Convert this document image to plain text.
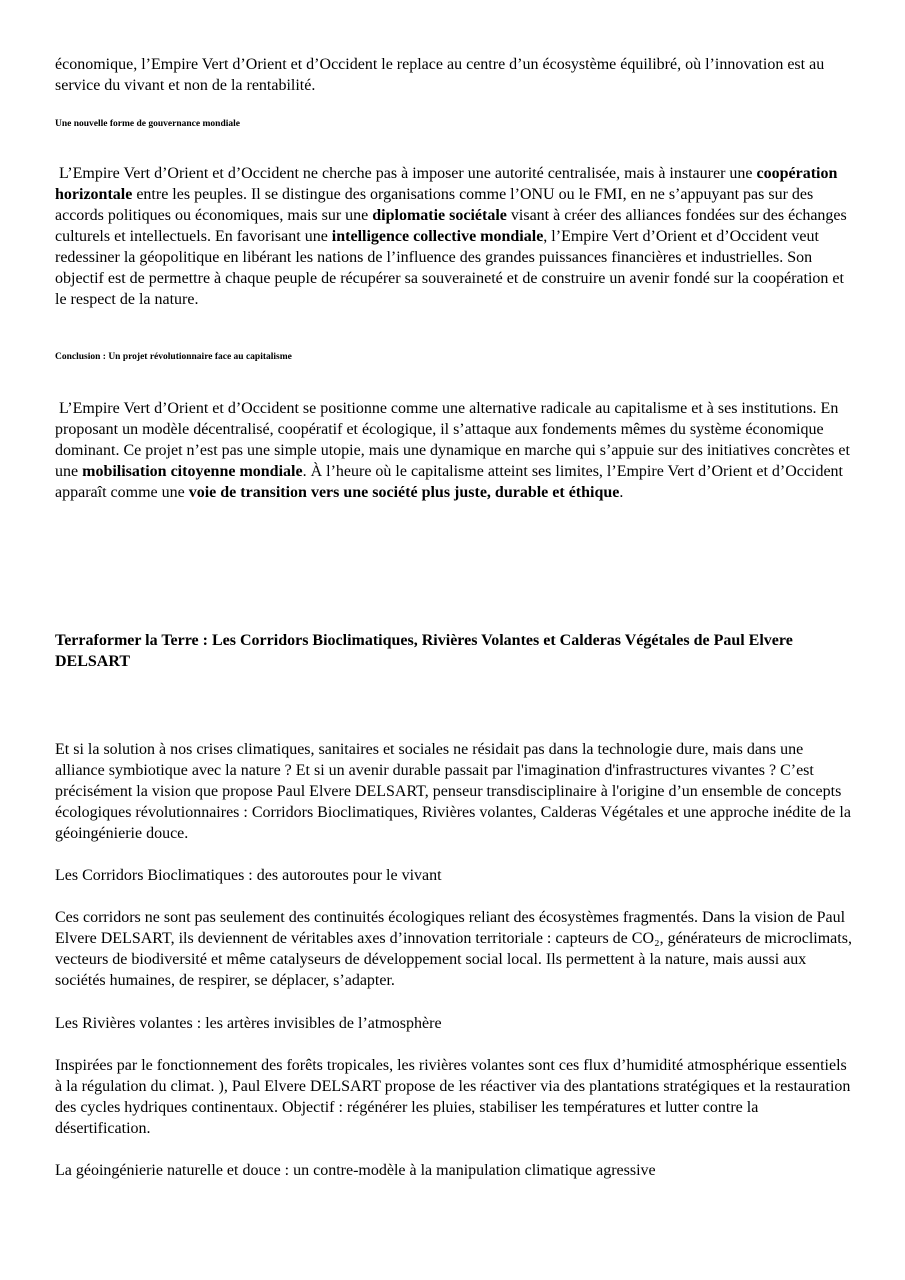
économique, l’Empire Vert d’Orient et d’Occident le replace au centre d’un écosystème équilibré, où l’innovation est au service du vivant et non de la rentabilité.

Une nouvelle forme de gouvernance mondiale

L’Empire Vert d’Orient et d’Occident ne cherche pas à imposer une autorité centralisée, mais à instaurer une coopération horizontale entre les peuples. Il se distingue des organisations comme l’ONU ou le FMI, en ne s’appuyant pas sur des accords politiques ou économiques, mais sur une diplomatie sociétale visant à créer des alliances fondées sur des échanges culturels et intellectuels. En favorisant une intelligence collective mondiale, l’Empire Vert d’Orient et d’Occident veut redessiner la géopolitique en libérant les nations de l’influence des grandes puissances financières et industrielles. Son objectif est de permettre à chaque peuple de récupérer sa souveraineté et de construire un avenir fondé sur la coopération et le respect de la nature.

Conclusion : Un projet révolutionnaire face au capitalisme

L’Empire Vert d’Orient et d’Occident se positionne comme une alternative radicale au capitalisme et à ses institutions. En proposant un modèle décentralisé, coopératif et écologique, il s’attaque aux fondements mêmes du système économique dominant. Ce projet n’est pas une simple utopie, mais une dynamique en marche qui s’appuie sur des initiatives concrètes et une mobilisation citoyenne mondiale. À l’heure où le capitalisme atteint ses limites, l’Empire Vert d’Orient et d’Occident apparaît comme une voie de transition vers une société plus juste, durable et éthique.

Terraformer la Terre : Les Corridors Bioclimatiques, Rivières Volantes et Calderas Végétales de Paul Elvere DELSART

Et si la solution à nos crises climatiques, sanitaires et sociales ne résidait pas dans la technologie dure, mais dans une alliance symbiotique avec la nature ? Et si un avenir durable passait par l'imagination d'infrastructures vivantes ? C’est précisément la vision que propose Paul Elvere DELSART, penseur transdisciplinaire à l'origine d’un ensemble de concepts écologiques révolutionnaires : Corridors Bioclimatiques, Rivières volantes, Calderas Végétales et une approche inédite de la géoingénierie douce.

Les Corridors Bioclimatiques : des autoroutes pour le vivant

Ces corridors ne sont pas seulement des continuités écologiques reliant des écosystèmes fragmentés. Dans la vision de Paul Elvere DELSART, ils deviennent de véritables axes d’innovation territoriale : capteurs de CO₂, générateurs de microclimats, vecteurs de biodiversité et même catalyseurs de développement social local. Ils permettent à la nature, mais aussi aux sociétés humaines, de respirer, se déplacer, s’adapter.

Les Rivières volantes : les artères invisibles de l’atmosphère

Inspirées par le fonctionnement des forêts tropicales, les rivières volantes sont ces flux d’humidité atmosphérique essentiels à la régulation du climat. ), Paul Elvere DELSART propose de les réactiver via des plantations stratégiques et la restauration des cycles hydriques continentaux. Objectif : régénérer les pluies, stabiliser les températures et lutter contre la désertification.

La géoingénierie naturelle et douce : un contre-modèle à la manipulation climatique agressive
